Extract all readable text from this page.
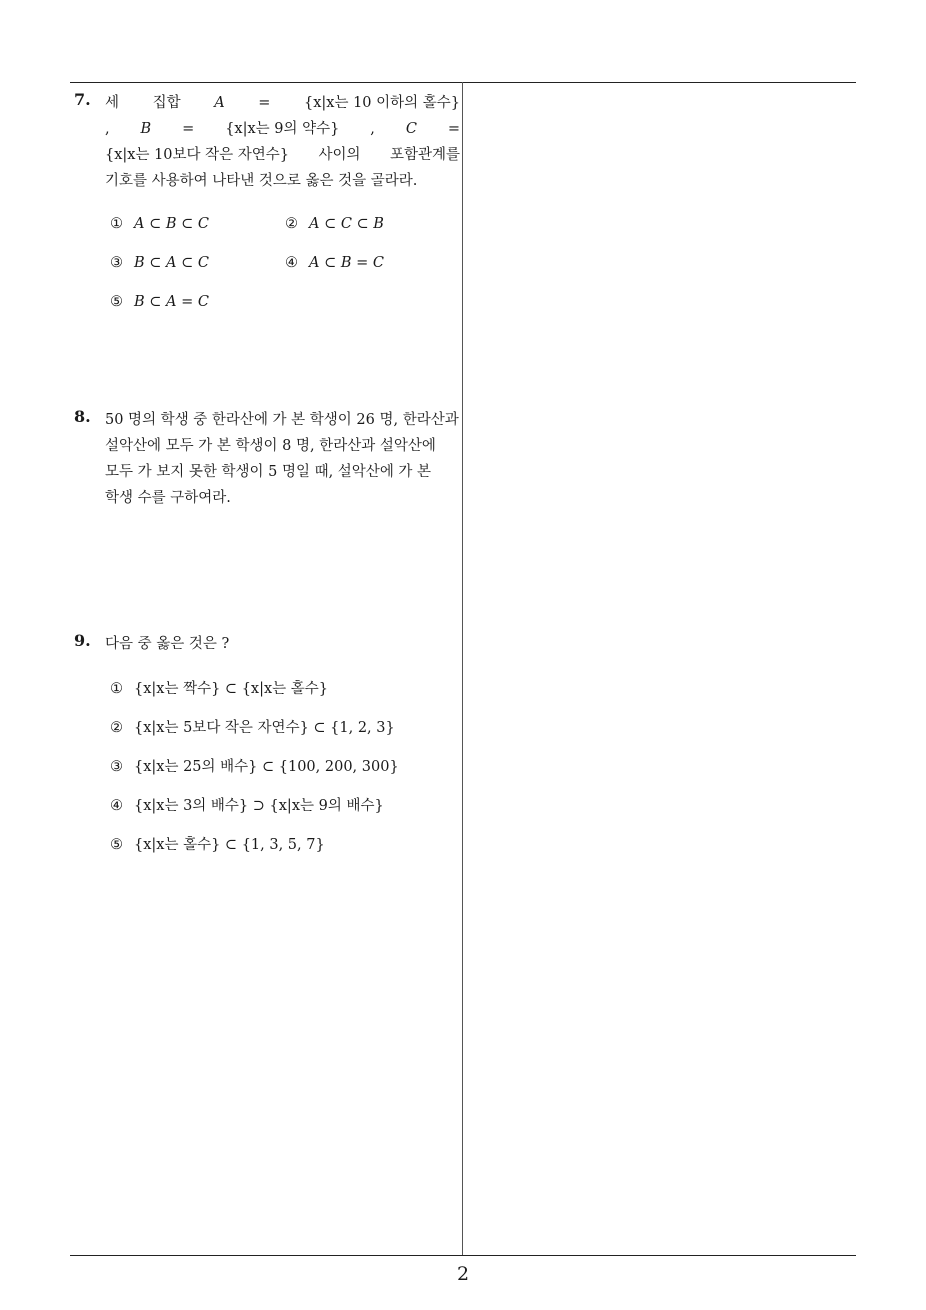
7. 세 집합 A = {x|x는 10 이하의 홀수}
, B = {x|x는 9의 약수} , C =
{x|x는 10보다 작은 자연수} 사이의 포함관계를
기호를 사용하여 나타낸 것으로 옳은 것을 골라라.
① A ⊂ B ⊂ C	② A ⊂ C ⊂ B
③ B ⊂ A ⊂ C	④ A ⊂ B = C
⑤ B ⊂ A = C
8. 50 명의 학생 중 한라산에 가 본 학생이 26 명, 한라산과
설악산에 모두 가 본 학생이 8 명, 한라산과 설악산에
모두 가 보지 못한 학생이 5 명일 때, 설악산에 가 본
학생 수를 구하여라.
9. 다음 중 옳은 것은 ?
① {x|x는 짝수} ⊂ {x|x는 홀수}
② {x|x는 5보다 작은 자연수} ⊂ {1, 2, 3}
③ {x|x는 25의 배수} ⊂ {100, 200, 300}
④ {x|x는 3의 배수} ⊃ {x|x는 9의 배수}
⑤ {x|x는 홀수} ⊂ {1, 3, 5, 7}
2
